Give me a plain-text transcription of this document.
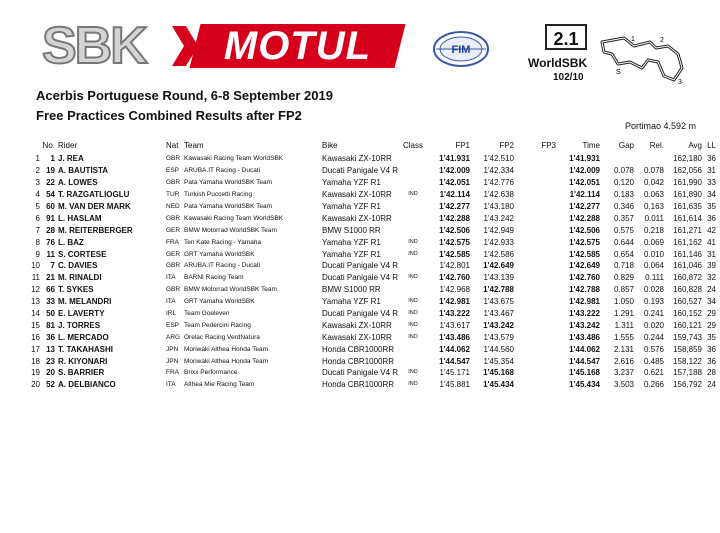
SBK MOTUL	FIM
2.1
WorldSBK
102/10
1	2
3
S
Acerbis Portuguese Round, 6-8 September 2019
Free Practices Combined Results after FP2
Portimao 4.592 m
	No.	Rider	Nat	Team	Bike	Class	FP1	FP2	FP3	Time	Gap	Rel.	Avg	LL
1	1	J. REA	GBR	Kawasaki Racing Team WorldSBK	Kawasaki ZX-10RR		1'41.931	1'42.510		1'41.931			162,180	36
2	19	A. BAUTISTA	ESP	ARUBA.IT Racing - Ducati	Ducati Panigale V4 R		1'42.009	1'42.334		1'42.009	0.078	0.078	162,056	31
3	22	A. LOWES	GBR	Pata Yamaha WorldSBK Team	Yamaha YZF R1		1'42.051	1'42.776		1'42.051	0.120	0.042	161,990	33
4	54	T. RAZGATLIOGLU	TUR	Turkish Puccetti Racing	Kawasaki ZX-10RR	IND	1'42.114	1'42.638		1'42.114	0.183	0.063	161,890	34
5	60	M. VAN DER MARK	NED	Pata Yamaha WorldSBK Team	Yamaha YZF R1		1'42.277	1'43.180		1'42.277	0.346	0.163	161,635	35
6	91	L. HASLAM	GBR	Kawasaki Racing Team WorldSBK	Kawasaki ZX-10RR		1'42.288	1'43.242		1'42.288	0.357	0.011	161,614	36
7	28	M. REITERBERGER	GER	BMW Motorrad WorldSBK Team	BMW S1000 RR		1'42.506	1'42.949		1'42.506	0.575	0.218	161,271	42
8	76	L. BAZ	FRA	Ten Kate Racing - Yamaha	Yamaha YZF R1	IND	1'42.575	1'42.933		1'42.575	0.644	0.069	161,162	41
9	11	S. CORTESE	GER	GRT Yamaha WorldSBK	Yamaha YZF R1	IND	1'42.585	1'42.586		1'42.585	0.654	0.010	161,146	31
10	7	C. DAVIES	GBR	ARUBA.IT Racing - Ducati	Ducati Panigale V4 R		1'42.801	1'42.649		1'42.649	0.718	0.064	161,046	39
11	21	M. RINALDI	ITA	BARNI Racing Team	Ducati Panigale V4 R	IND	1'42.760	1'43.139		1'42.760	0.829	0.111	160,872	32
12	66	T. SYKES	GBR	BMW Motorrad WorldSBK Team	BMW S1000 RR		1'42.968	1'42.788		1'42.788	0.857	0.028	160,828	24
13	33	M. MELANDRI	ITA	GRT Yamaha WorldSBK	Yamaha YZF R1	IND	1'42.981	1'43.675		1'42.981	1.050	0.193	160,527	34
14	50	E. LAVERTY	IRL	Team Goeleven	Ducati Panigale V4 R	IND	1'43.222	1'43.467		1'43.222	1.291	0.241	160,152	29
15	81	J. TORRES	ESP	Team Pedercini Racing	Kawasaki ZX-10RR	IND	1'43.617	1'43.242		1'43.242	1.311	0.020	160,121	29
16	36	L. MERCADO	ARG	Orelac Racing VerdNatura	Kawasaki ZX-10RR	IND	1'43.486	1'43.579		1'43.486	1.555	0.244	159,743	35
17	13	T. TAKAHASHI	JPN	Moriwaki Althea Honda Team	Honda CBR1000RR		1'44.062	1'44.560		1'44.062	2.131	0.576	158,859	36
18	23	R. KIYONARI	JPN	Moriwaki Althea Honda Team	Honda CBR1000RR		1'44.547	1'45.354		1'44.547	2.616	0.485	158,122	36
19	20	S. BARRIER	FRA	Brixx Performance	Ducati Panigale V4 R	IND	1'45.171	1'45.168		1'45.168	3.237	0.621	157,188	28
20	52	A. DELBIANCO	ITA	Althea Mie Racing Team	Honda CBR1000RR	IND	1'45.881	1'45.434		1'45.434	3.503	0.266	156,792	24
